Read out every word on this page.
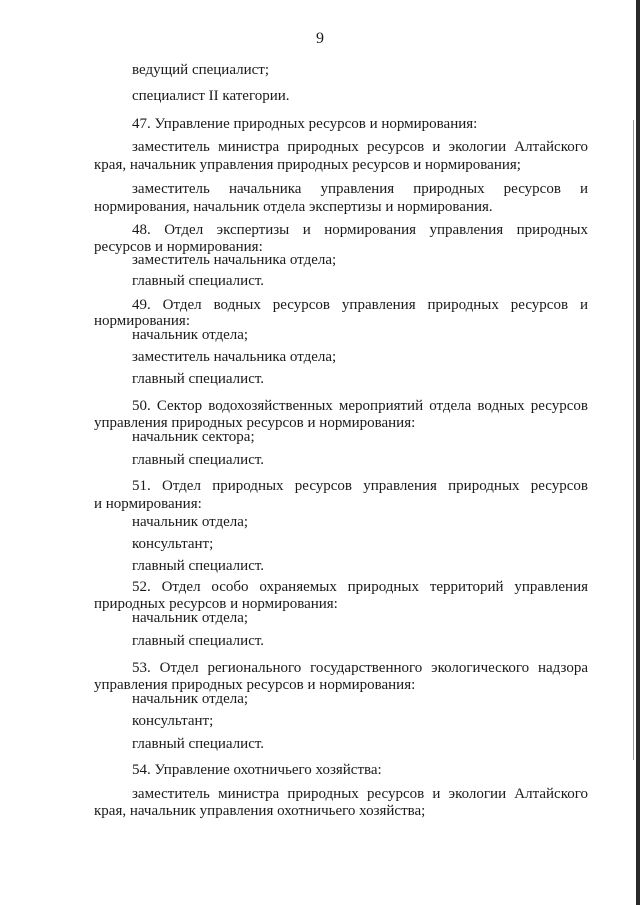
9
ведущий специалист;
специалист II категории.
47. Управление природных ресурсов и нормирования:
заместитель министра природных ресурсов и экологии Алтайского
края, начальник управления природных ресурсов и нормирования;
заместитель начальника управления природных ресурсов и
нормирования, начальник отдела экспертизы и нормирования.
48. Отдел экспертизы и нормирования управления природных
ресурсов и нормирования:
заместитель начальника отдела;
главный специалист.
49. Отдел водных ресурсов управления природных ресурсов и
нормирования:
начальник отдела;
заместитель начальника отдела;
главный специалист.
50. Сектор водохозяйственных мероприятий отдела водных ресурсов
управления природных ресурсов и нормирования:
начальник сектора;
главный специалист.
51. Отдел природных ресурсов управления природных ресурсов
и нормирования:
начальник отдела;
консультант;
главный специалист.
52. Отдел особо охраняемых природных территорий управления
природных ресурсов и нормирования:
начальник отдела;
главный специалист.
53. Отдел регионального государственного экологического надзора
управления природных ресурсов и нормирования:
начальник отдела;
консультант;
главный специалист.
54. Управление охотничьего хозяйства:
заместитель министра природных ресурсов и экологии Алтайского
края, начальник управления охотничьего хозяйства;
